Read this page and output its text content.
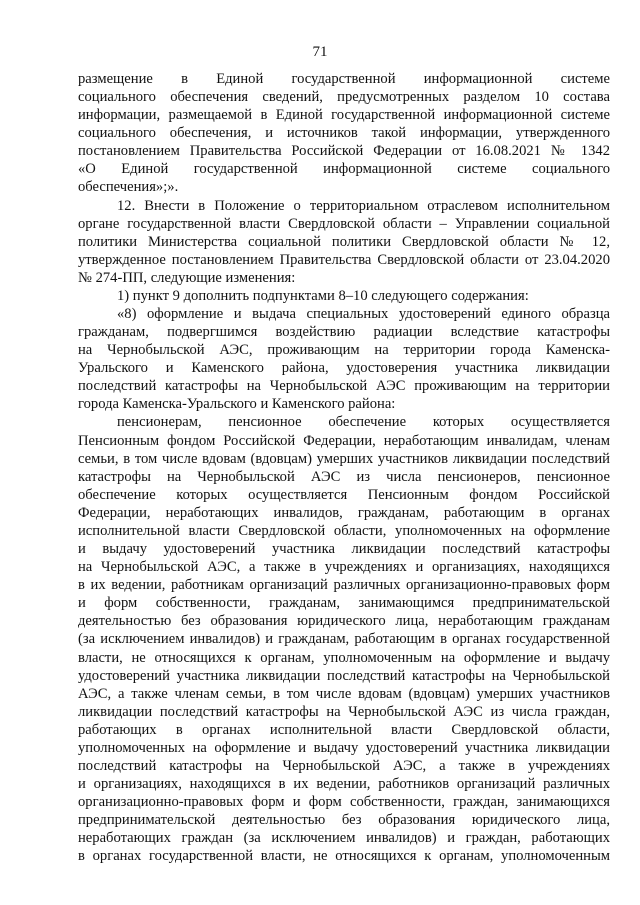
71
размещение в Единой государственной информационной системе
социального обеспечения сведений, предусмотренных разделом 10 состава
информации, размещаемой в Единой государственной информационной системе
социального обеспечения, и источников такой информации, утвержденного
постановлением Правительства Российской Федерации от 16.08.2021 № 1342
«О Единой государственной информационной системе социального
обеспечения»;».
12. Внести в Положение о территориальном отраслевом исполнительном
органе государственной власти Свердловской области – Управлении социальной
политики Министерства социальной политики Свердловской области № 12,
утвержденное постановлением Правительства Свердловской области от 23.04.2020
№ 274-ПП, следующие изменения:
1) пункт 9 дополнить подпунктами 8–10 следующего содержания:
«8) оформление и выдача специальных удостоверений единого образца
гражданам, подвергшимся воздействию радиации вследствие катастрофы
на Чернобыльской АЭС, проживающим на территории города Каменска-
Уральского и Каменского района, удостоверения участника ликвидации
последствий катастрофы на Чернобыльской АЭС проживающим на территории
города Каменска-Уральского и Каменского района:
пенсионерам, пенсионное обеспечение которых осуществляется
Пенсионным фондом Российской Федерации, неработающим инвалидам, членам
семьи, в том числе вдовам (вдовцам) умерших участников ликвидации последствий
катастрофы на Чернобыльской АЭС из числа пенсионеров, пенсионное
обеспечение которых осуществляется Пенсионным фондом Российской
Федерации, неработающих инвалидов, гражданам, работающим в органах
исполнительной власти Свердловской области, уполномоченных на оформление
и выдачу удостоверений участника ликвидации последствий катастрофы
на Чернобыльской АЭС, а также в учреждениях и организациях, находящихся
в их ведении, работникам организаций различных организационно-правовых форм
и форм собственности, гражданам, занимающимся предпринимательской
деятельностью без образования юридического лица, неработающим гражданам
(за исключением инвалидов) и гражданам, работающим в органах государственной
власти, не относящихся к органам, уполномоченным на оформление и выдачу
удостоверений участника ликвидации последствий катастрофы на Чернобыльской
АЭС, а также членам семьи, в том числе вдовам (вдовцам) умерших участников
ликвидации последствий катастрофы на Чернобыльской АЭС из числа граждан,
работающих в органах исполнительной власти Свердловской области,
уполномоченных на оформление и выдачу удостоверений участника ликвидации
последствий катастрофы на Чернобыльской АЭС, а также в учреждениях
и организациях, находящихся в их ведении, работников организаций различных
организационно-правовых форм и форм собственности, граждан, занимающихся
предпринимательской деятельностью без образования юридического лица,
неработающих граждан (за исключением инвалидов) и граждан, работающих
в органах государственной власти, не относящихся к органам, уполномоченным
